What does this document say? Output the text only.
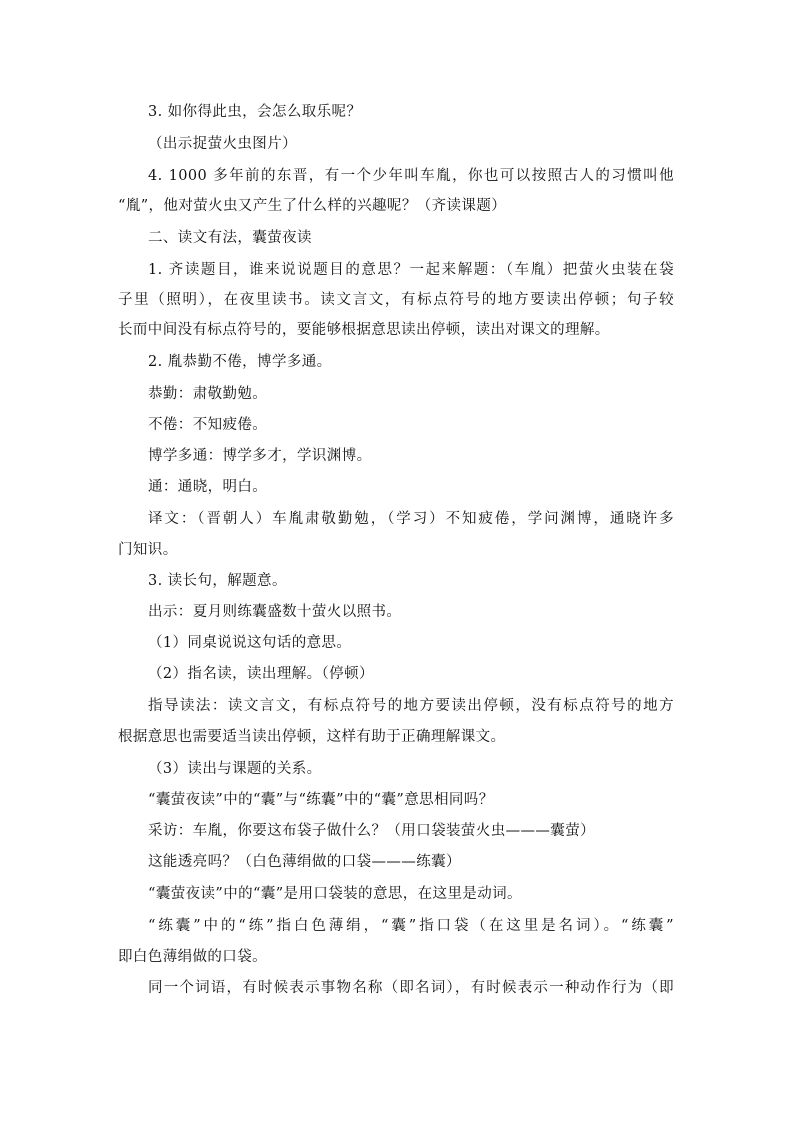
3. 如你得此虫，会怎么取乐呢？
（出示捉萤火虫图片）
4. 1000 多年前的东晋，有一个少年叫车胤，你也可以按照古人的习惯叫他
“胤”，他对萤火虫又产生了什么样的兴趣呢？（齐读课题）
二、读文有法，囊萤夜读
1. 齐读题目，谁来说说题目的意思？一起来解题：（车胤）把萤火虫装在袋
子里（照明），在夜里读书。读文言文，有标点符号的地方要读出停顿；句子较
长而中间没有标点符号的，要能够根据意思读出停顿，读出对课文的理解。
2. 胤恭勤不倦，博学多通。
恭勤：肃敬勤勉。
不倦：不知疲倦。
博学多通：博学多才，学识渊博。
通：通晓，明白。
译文：（晋朝人）车胤肃敬勤勉，（学习）不知疲倦，学问渊博，通晓许多
门知识。
3. 读长句，解题意。
出示：夏月则练囊盛数十萤火以照书。
（1）同桌说说这句话的意思。
（2）指名读，读出理解。（停顿）
指导读法：读文言文，有标点符号的地方要读出停顿，没有标点符号的地方
根据意思也需要适当读出停顿，这样有助于正确理解课文。
（3）读出与课题的关系。
“囊萤夜读”中的“囊”与“练囊”中的“囊”意思相同吗？
采访：车胤，你要这布袋子做什么？（用口袋装萤火虫———囊萤）
这能透亮吗？（白色薄绢做的口袋———练囊）
“囊萤夜读”中的“囊”是用口袋装的意思，在这里是动词。
“练囊”中的“练”指白色薄绢，“囊”指口袋（在这里是名词）。“练囊”
即白色薄绢做的口袋。
同一个词语，有时候表示事物名称（即名词），有时候表示一种动作行为（即
